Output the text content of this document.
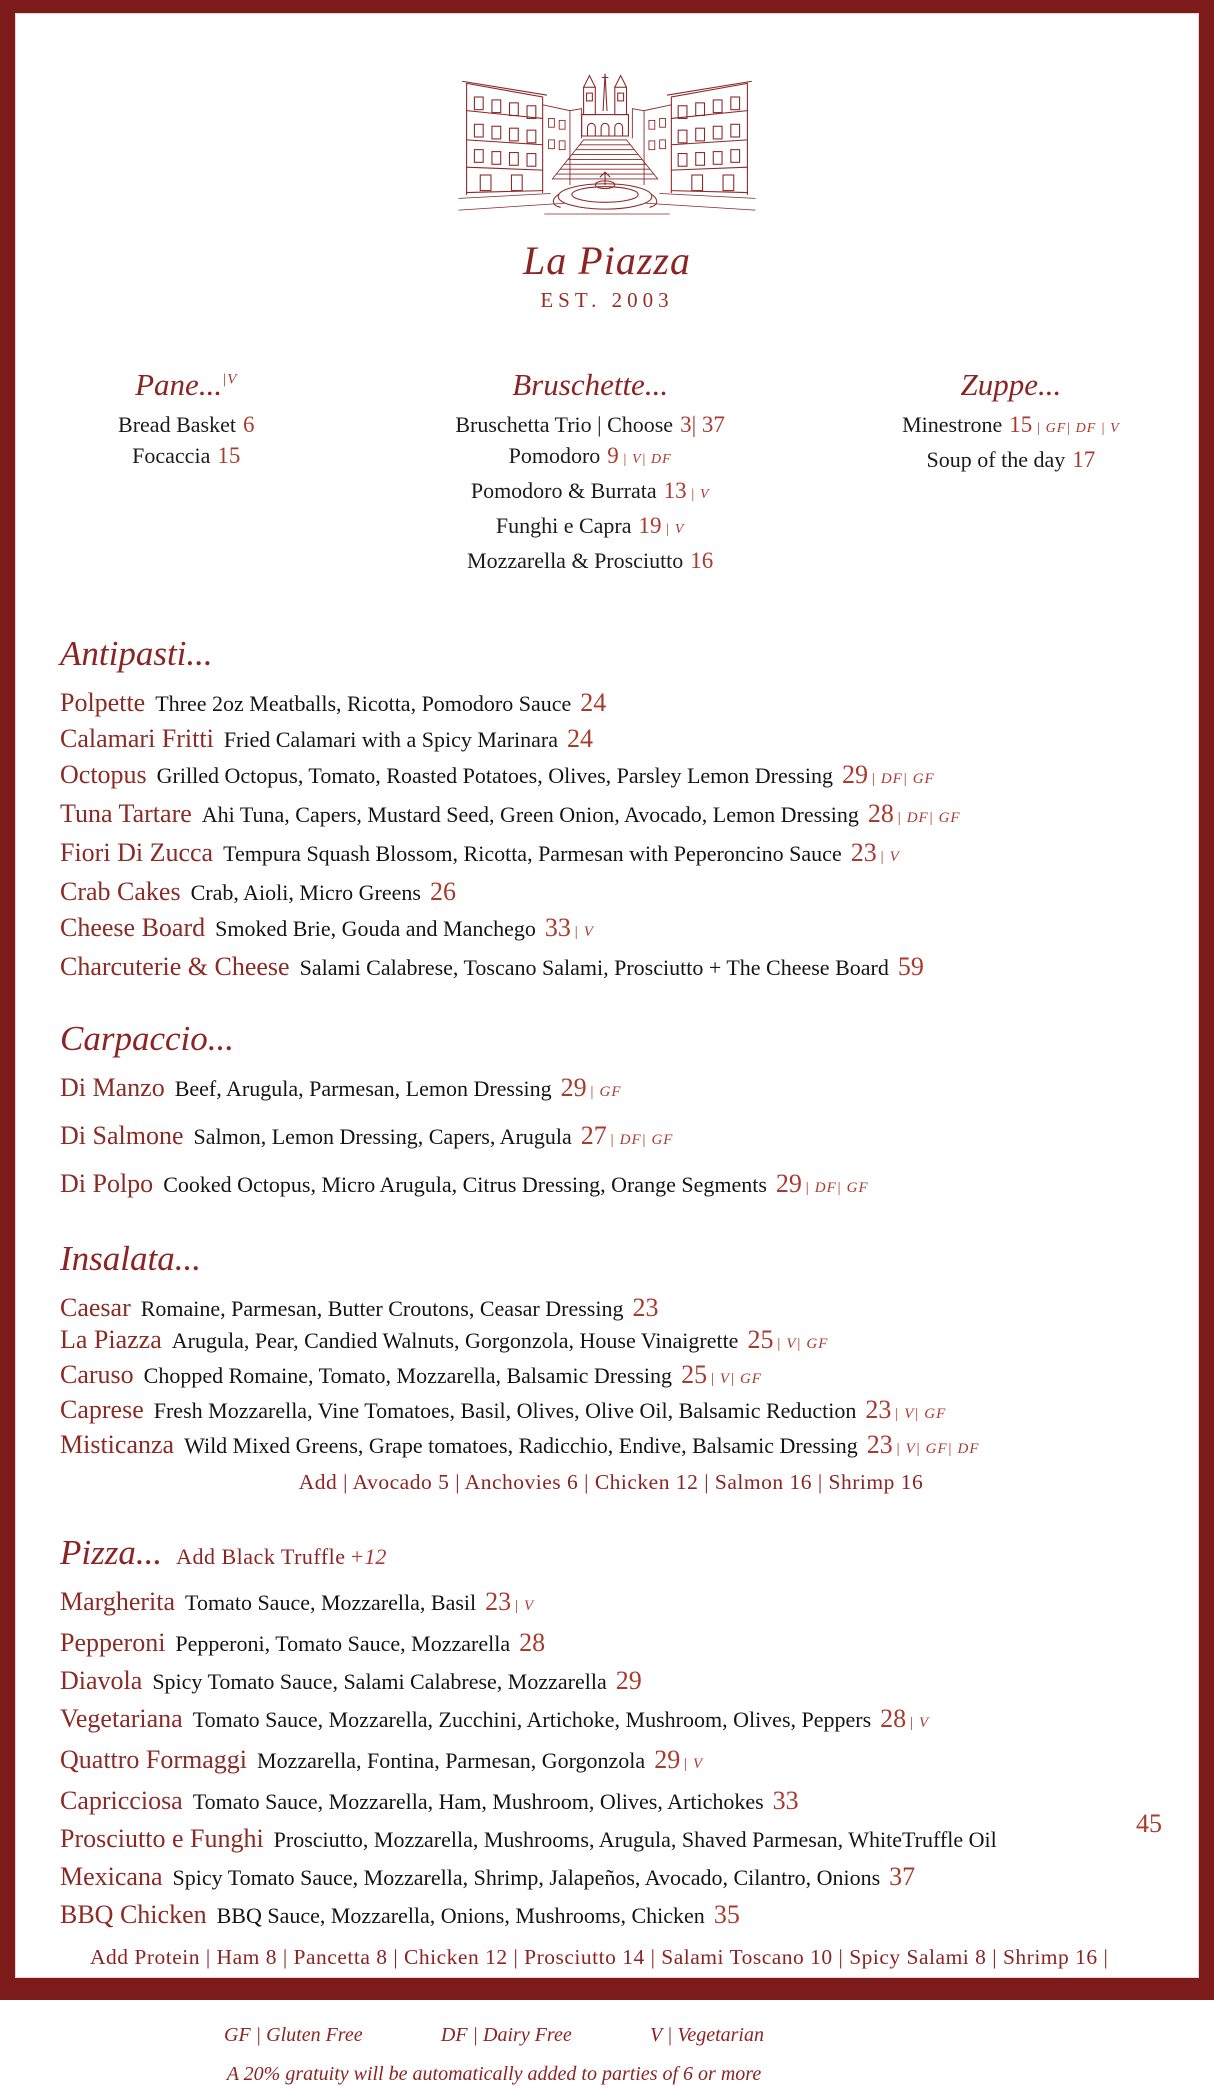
La Piazza
EST. 2003
Pane...$^{|V}$
Bread Basket 6
Focaccia 15
Bruschette...
Bruschetta Trio | Choose 3| 37
Pomodoro 9 | V| DF
Pomodoro & Burrata 13 | V
Funghi e Capra 19 | V
Mozzarella & Prosciutto 16
Zuppe...
Minestrone 15 | GF| DF | V
Soup of the day 17
Antipasti...
Polpette Three 2oz Meatballs, Ricotta, Pomodoro Sauce 24
Calamari Fritti Fried Calamari with a Spicy Marinara 24
Octopus Grilled Octopus, Tomato, Roasted Potatoes, Olives, Parsley Lemon Dressing 29 | DF| GF
Tuna Tartare Ahi Tuna, Capers, Mustard Seed, Green Onion, Avocado, Lemon Dressing 28 | DF| GF
Fiori Di Zucca Tempura Squash Blossom, Ricotta, Parmesan with Peperoncino Sauce 23 | V
Crab Cakes Crab, Aioli, Micro Greens 26
Cheese Board Smoked Brie, Gouda and Manchego 33 | V
Charcuterie & Cheese Salami Calabrese, Toscano Salami, Prosciutto + The Cheese Board 59
Carpaccio...
Di Manzo Beef, Arugula, Parmesan, Lemon Dressing 29 | GF
Di Salmone Salmon, Lemon Dressing, Capers, Arugula 27 | DF| GF
Di Polpo Cooked Octopus, Micro Arugula, Citrus Dressing, Orange Segments 29 | DF| GF
Insalata...
Caesar Romaine, Parmesan, Butter Croutons, Ceasar Dressing 23
La Piazza Arugula, Pear, Candied Walnuts, Gorgonzola, House Vinaigrette 25 | V| GF
Caruso Chopped Romaine, Tomato, Mozzarella, Balsamic Dressing 25 | V| GF
Caprese Fresh Mozzarella, Vine Tomatoes, Basil, Olives, Olive Oil, Balsamic Reduction 23 | V| GF
Misticanza Wild Mixed Greens, Grape tomatoes, Radicchio, Endive, Balsamic Dressing 23 | V| GF| DF
Add | Avocado 5 | Anchovies 6 | Chicken 12 | Salmon 16 | Shrimp 16
Pizza... Add Black Truffle +12
Margherita Tomato Sauce, Mozzarella, Basil 23 | V
Pepperoni Pepperoni, Tomato Sauce, Mozzarella 28
Diavola Spicy Tomato Sauce, Salami Calabrese, Mozzarella 29
Vegetariana Tomato Sauce, Mozzarella, Zucchini, Artichoke, Mushroom, Olives, Peppers 28 | V
Quattro Formaggi Mozzarella, Fontina, Parmesan, Gorgonzola 29 | V
Capricciosa Tomato Sauce, Mozzarella, Ham, Mushroom, Olives, Artichokes 33
Prosciutto e Funghi Prosciutto, Mozzarella, Mushrooms, Arugula, Shaved Parmesan, WhiteTruffle Oil
45
Mexicana Spicy Tomato Sauce, Mozzarella, Shrimp, Jalapeños, Avocado, Cilantro, Onions 37
BBQ Chicken BBQ Sauce, Mozzarella, Onions, Mushrooms, Chicken 35
Add Protein | Ham 8 | Pancetta 8 | Chicken 12 | Prosciutto 14 | Salami Toscano 10 | Spicy Salami 8 | Shrimp 16 |
GF | Gluten Free	DF | Dairy Free	V | Vegetarian
A 20% gratuity will be automatically added to parties of 6 or more
